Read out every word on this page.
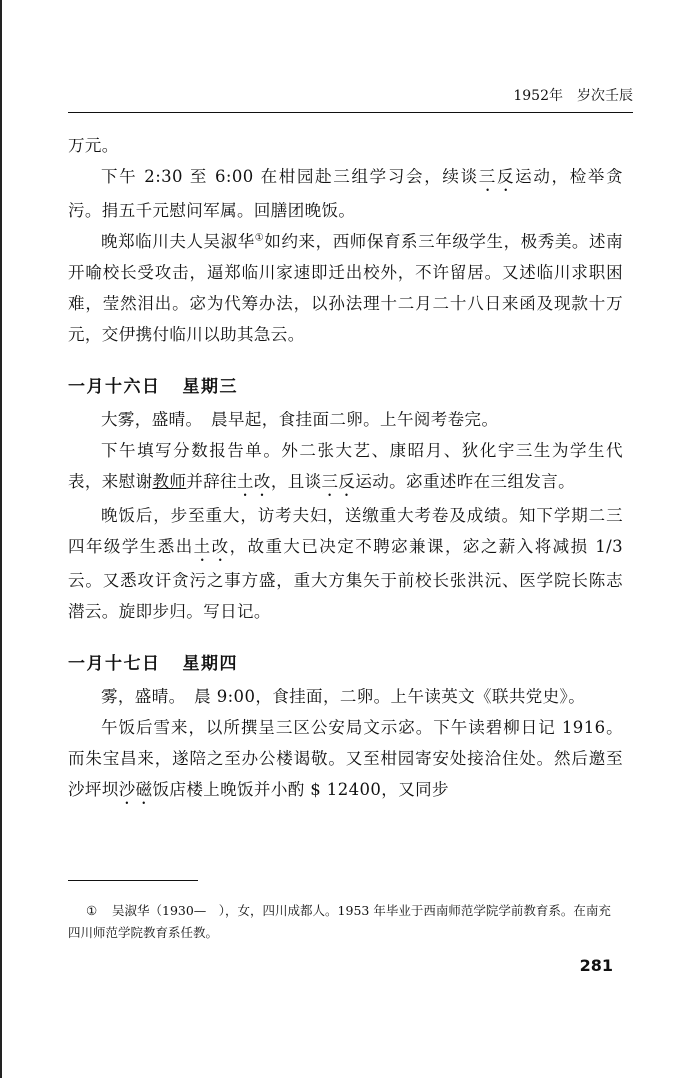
1952年 岁次壬辰

万元。

下午 2:30 至 6:00 在柑园赴三组学习会，续谈三反运动，检举贪污。捐五千元慰问军属。回膳团晚饭。

晚郑临川夫人吴淑华①如约来，西师保育系三年级学生，极秀美。述南开喻校长受攻击，逼郑临川家速即迁出校外，不许留居。又述临川求职困难，莹然泪出。宓为代筹办法，以孙法理十二月二十八日来函及现款十万元，交伊携付临川以助其急云。

一月十六日 星期三

大雾，盛晴。　晨早起，食挂面二卵。上午阅考卷完。

下午填写分数报告单。外二张大艺、康昭月、狄化宇三生为学生代表，来慰谢教师并辞往土改，且谈三反运动。宓重述昨在三组发言。

晚饭后，步至重大，访考夫妇，送缴重大考卷及成绩。知下学期二三四年级学生悉出土改，故重大已决定不聘宓兼课，宓之薪入将减损 1/3 云。又悉攻讦贪污之事方盛，重大方集矢于前校长张洪沅、医学院长陈志潜云。旋即步归。写日记。

一月十七日 星期四

雾，盛晴。　晨 9:00，食挂面，二卵。上午读英文《联共党史》。

午饭后雪来，以所撰呈三区公安局文示宓。下午读碧柳日记 1916。而朱宝昌来，遂陪之至办公楼谒敬。又至柑园寄安处接洽住处。然后邀至沙坪坝沙磁饭店楼上晚饭并小酌 $ 12400，又同步

① 吴淑华（1930—　），女，四川成都人。1953 年毕业于西南师范学院学前教育系。在南充四川师范学院教育系任教。
281
